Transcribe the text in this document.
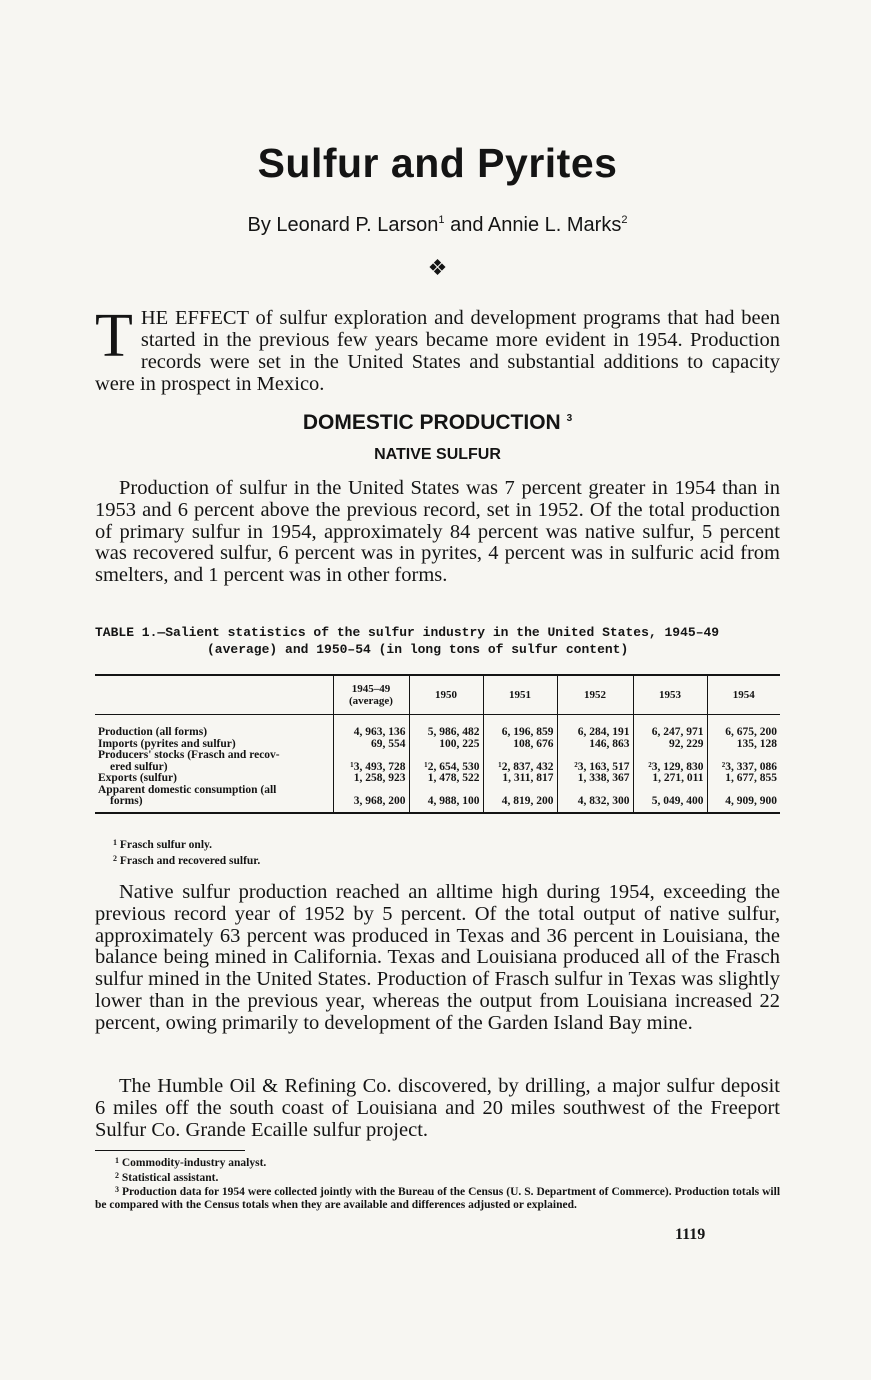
Sulfur and Pyrites
By Leonard P. Larson$^1$ and Annie L. Marks$^2$
❖
THE EFFECT of sulfur exploration and development programs that had been started in the previous few years became more evident in 1954. Production records were set in the United States and substantial additions to capacity were in prospect in Mexico.
DOMESTIC PRODUCTION $^3$
NATIVE SULFUR
Production of sulfur in the United States was 7 percent greater in 1954 than in 1953 and 6 percent above the previous record, set in 1952. Of the total production of primary sulfur in 1954, approximately 84 percent was native sulfur, 5 percent was recovered sulfur, 6 percent was in pyrites, 4 percent was in sulfuric acid from smelters, and 1 percent was in other forms.
TABLE 1.—Salient statistics of the sulfur industry in the United States, 1945–49
(average) and 1950–54 (in long tons of sulfur content)
	1945–49 (average)	1950	1951	1952	1953	1954
Production (all forms)	4, 963, 136	5, 986, 482	6, 196, 859	6, 284, 191	6, 247, 971	6, 675, 200
Imports (pyrites and sulfur)	69, 554	100, 225	108, 676	146, 863	92, 229	135, 128
Producers' stocks (Frasch and recov-
ered sulfur)	¹3, 493, 728	¹2, 654, 530	¹2, 837, 432	²3, 163, 517	²3, 129, 830	²3, 337, 086
Exports (sulfur)	1, 258, 923	1, 478, 522	1, 311, 817	1, 338, 367	1, 271, 011	1, 677, 855
Apparent domestic consumption (all
forms)	3, 968, 200	4, 988, 100	4, 819, 200	4, 832, 300	5, 049, 400	4, 909, 900
$^1$ Frasch sulfur only.
$^2$ Frasch and recovered sulfur.
Native sulfur production reached an alltime high during 1954, exceeding the previous record year of 1952 by 5 percent. Of the total output of native sulfur, approximately 63 percent was produced in Texas and 36 percent in Louisiana, the balance being mined in California. Texas and Louisiana produced all of the Frasch sulfur mined in the United States. Production of Frasch sulfur in Texas was slightly lower than in the previous year, whereas the output from Louisiana increased 22 percent, owing primarily to development of the Garden Island Bay mine.
The Humble Oil & Refining Co. discovered, by drilling, a major sulfur deposit 6 miles off the south coast of Louisiana and 20 miles southwest of the Freeport Sulfur Co. Grande Ecaille sulfur project.
$^1$ Commodity-industry analyst.
$^2$ Statistical assistant.
$^3$ Production data for 1954 were collected jointly with the Bureau of the Census (U. S. Department of Commerce). Production totals will be compared with the Census totals when they are available and differences adjusted or explained.
1119
